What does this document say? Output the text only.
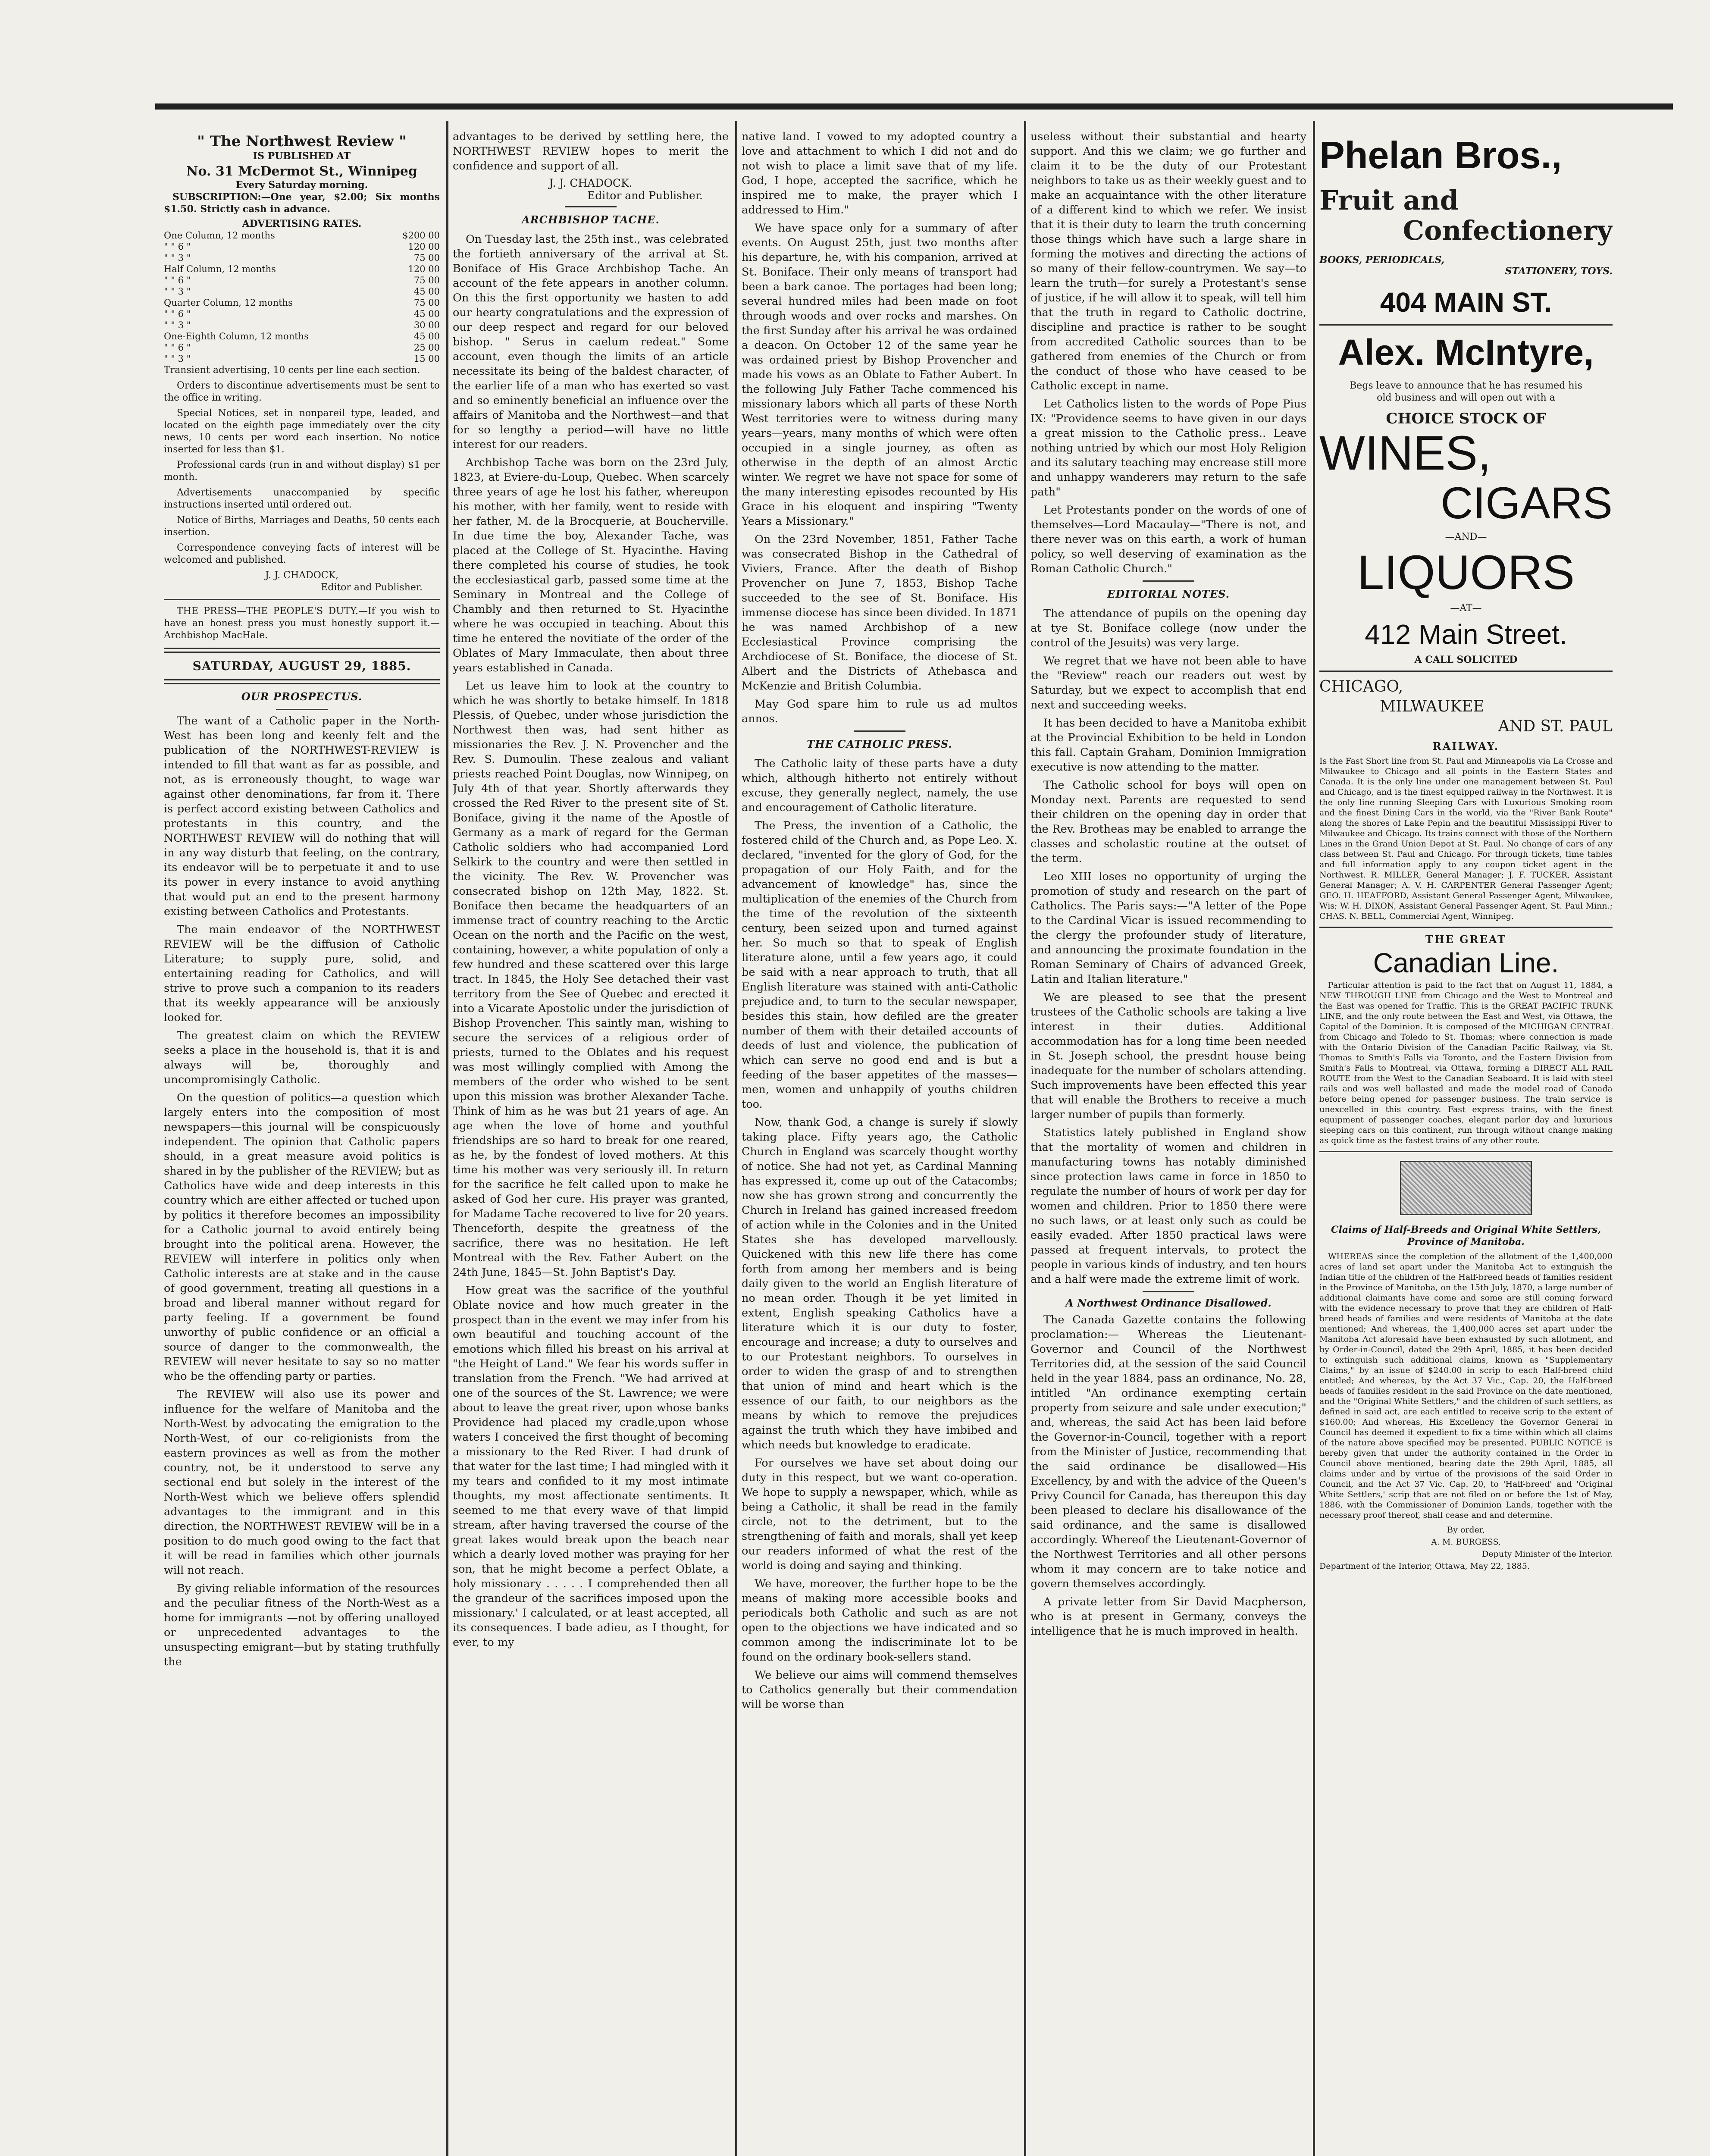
" The Northwest Review "
IS PUBLISHED AT
No. 31 McDermot St., Winnipeg
Every Saturday morning.
SUBSCRIPTION:—One year, $2.00; Six months $1.50. Strictly cash in advance.
ADVERTISING RATES.
One Column, 12 months	$200 00
" " 6 "	120 00
" " 3 "	75 00
Half Column, 12 months	120 00
" " 6 "	75 00
" " 3 "	45 00
Quarter Column, 12 months	75 00
" " 6 "	45 00
" " 3 "	30 00
One-Eighth Column, 12 months	45 00
" " 6 "	25 00
" " 3 "	15 00

Transient advertising, 10 cents per line each section.

Orders to discontinue advertisements must be sent to the office in writing.

Special Notices, set in nonpareil type, leaded, and located on the eighth page immediately over the city news, 10 cents per word each insertion. No notice inserted for less than $1.

Professional cards (run in and without display) $1 per month.

Advertisements unaccompanied by specific instructions inserted until ordered out.

Notice of Births, Marriages and Deaths, 50 cents each insertion.

Correspondence conveying facts of interest will be welcomed and published.

J. J. CHADOCK,
Editor and Publisher.

THE PRESS—THE PEOPLE'S DUTY.—If you wish to have an honest press you must honestly support it.—Archbishop MacHale.

SATURDAY, AUGUST 29, 1885.
OUR PROSPECTUS.

The want of a Catholic paper in the North-West has been long and keenly felt and the publication of the NORTHWEST-REVIEW is intended to fill that want as far as possible, and not, as is erroneously thought, to wage war against other denominations, far from it. There is perfect accord existing between Catholics and protestants in this country, and the NORTHWEST REVIEW will do nothing that will in any way disturb that feeling, on the contrary, its endeavor will be to perpetuate it and to use its power in every instance to avoid anything that would put an end to the present harmony existing between Catholics and Protestants.

The main endeavor of the NORTHWEST REVIEW will be the diffusion of Catholic Literature; to supply pure, solid, and entertaining reading for Catholics, and will strive to prove such a companion to its readers that its weekly appearance will be anxiously looked for.

The greatest claim on which the REVIEW seeks a place in the household is, that it is and always will be, thoroughly and uncompromisingly Catholic.

On the question of politics—a question which largely enters into the composition of most newspapers—this journal will be conspicuously independent. The opinion that Catholic papers should, in a great measure avoid politics is shared in by the publisher of the REVIEW; but as Catholics have wide and deep interests in this country which are either affected or tuched upon by politics it therefore becomes an impossibility for a Catholic journal to avoid entirely being brought into the political arena. However, the REVIEW will interfere in politics only when Catholic interests are at stake and in the cause of good government, treating all questions in a broad and liberal manner without regard for party feeling. If a government be found unworthy of public confidence or an official a source of danger to the commonwealth, the REVIEW will never hesitate to say so no matter who be the offending party or parties.

The REVIEW will also use its power and influence for the welfare of Manitoba and the North-West by advocating the emigration to the North-West, of our co-religionists from the eastern provinces as well as from the mother country, not, be it understood to serve any sectional end but solely in the interest of the North-West which we believe offers splendid advantages to the immigrant and in this direction, the NORTHWEST REVIEW will be in a position to do much good owing to the fact that it will be read in families which other journals will not reach.

By giving reliable information of the resources and the peculiar fitness of the North-West as a home for immigrants —not by offering unalloyed or unprecedented advantages to the unsuspecting emigrant—but by stating truthfully the

advantages to be derived by settling here, the NORTHWEST REVIEW hopes to merit the confidence and support of all.

J. J. CHADOCK.
Editor and Publisher.
ARCHBISHOP TACHE.

On Tuesday last, the 25th inst., was celebrated the fortieth anniversary of the arrival at St. Boniface of His Grace Archbishop Tache. An account of the fete appears in another column. On this the first opportunity we hasten to add our hearty congratulations and the expression of our deep respect and regard for our beloved bishop. " Serus in caelum redeat." Some account, even though the limits of an article necessitate its being of the baldest character, of the earlier life of a man who has exerted so vast and so eminently beneficial an influence over the affairs of Manitoba and the Northwest—and that for so lengthy a period—will have no little interest for our readers.

Archbishop Tache was born on the 23rd July, 1823, at Eviere-du-Loup, Quebec. When scarcely three years of age he lost his father, whereupon his mother, with her family, went to reside with her father, M. de la Brocquerie, at Boucherville. In due time the boy, Alexander Tache, was placed at the College of St. Hyacinthe. Having there completed his course of studies, he took the ecclesiastical garb, passed some time at the Seminary in Montreal and the College of Chambly and then returned to St. Hyacinthe where he was occupied in teaching. About this time he entered the novitiate of the order of the Oblates of Mary Immaculate, then about three years established in Canada.

Let us leave him to look at the country to which he was shortly to betake himself. In 1818 Plessis, of Quebec, under whose jurisdiction the Northwest then was, had sent hither as missionaries the Rev. J. N. Provencher and the Rev. S. Dumoulin. These zealous and valiant priests reached Point Douglas, now Winnipeg, on July 4th of that year. Shortly afterwards they crossed the Red River to the present site of St. Boniface, giving it the name of the Apostle of Germany as a mark of regard for the German Catholic soldiers who had accompanied Lord Selkirk to the country and were then settled in the vicinity. The Rev. W. Provencher was consecrated bishop on 12th May, 1822. St. Boniface then became the headquarters of an immense tract of country reaching to the Arctic Ocean on the north and the Pacific on the west, containing, however, a white population of only a few hundred and these scattered over this large tract. In 1845, the Holy See detached their vast territory from the See of Quebec and erected it into a Vicarate Apostolic under the jurisdiction of Bishop Provencher. This saintly man, wishing to secure the services of a religious order of priests, turned to the Oblates and his request was most willingly complied with Among the members of the order who wished to be sent upon this mission was brother Alexander Tache. Think of him as he was but 21 years of age. An age when the love of home and youthful friendships are so hard to break for one reared, as he, by the fondest of loved mothers. At this time his mother was very seriously ill. In return for the sacrifice he felt called upon to make he asked of God her cure. His prayer was granted, for Madame Tache recovered to live for 20 years. Thenceforth, despite the greatness of the sacrifice, there was no hesitation. He left Montreal with the Rev. Father Aubert on the 24th June, 1845—St. John Baptist's Day.

How great was the sacrifice of the youthful Oblate novice and how much greater in the prospect than in the event we may infer from his own beautiful and touching account of the emotions which filled his breast on his arrival at "the Height of Land." We fear his words suffer in translation from the French. "We had arrived at one of the sources of the St. Lawrence; we were about to leave the great river, upon whose banks Providence had placed my cradle,upon whose waters I conceived the first thought of becoming a missionary to the Red River. I had drunk of that water for the last time; I had mingled with it my tears and confided to it my most intimate thoughts, my most affectionate sentiments. It seemed to me that every wave of that limpid stream, after having traversed the course of the great lakes would break upon the beach near which a dearly loved mother was praying for her son, that he might become a perfect Oblate, a holy missionary . . . . . I comprehended then all the grandeur of the sacrifices imposed upon the missionary.' I calculated, or at least accepted, all its consequences. I bade adieu, as I thought, for ever, to my

native land. I vowed to my adopted country a love and attachment to which I did not and do not wish to place a limit save that of my life. God, I hope, accepted the sacrifice, which he inspired me to make, the prayer which I addressed to Him."

We have space only for a summary of after events. On August 25th, just two months after his departure, he, with his companion, arrived at St. Boniface. Their only means of transport had been a bark canoe. The portages had been long; several hundred miles had been made on foot through woods and over rocks and marshes. On the first Sunday after his arrival he was ordained a deacon. On October 12 of the same year he was ordained priest by Bishop Provencher and made his vows as an Oblate to Father Aubert. In the following July Father Tache commenced his missionary labors which all parts of these North West territories were to witness during many years—years, many months of which were often occupied in a single journey, as often as otherwise in the depth of an almost Arctic winter. We regret we have not space for some of the many interesting episodes recounted by His Grace in his eloquent and inspiring "Twenty Years a Missionary."

On the 23rd November, 1851, Father Tache was consecrated Bishop in the Cathedral of Viviers, France. After the death of Bishop Provencher on June 7, 1853, Bishop Tache succeeded to the see of St. Boniface. His immense diocese has since been divided. In 1871 he was named Archbishop of a new Ecclesiastical Province comprising the Archdiocese of St. Boniface, the diocese of St. Albert and the Districts of Athebasca and McKenzie and British Columbia.

May God spare him to rule us ad multos annos.

THE CATHOLIC PRESS.

The Catholic laity of these parts have a duty which, although hitherto not entirely without excuse, they generally neglect, namely, the use and encouragement of Catholic literature.

The Press, the invention of a Catholic, the fostered child of the Church and, as Pope Leo. X. declared, "invented for the glory of God, for the propagation of our Holy Faith, and for the advancement of knowledge" has, since the multiplication of the enemies of the Church from the time of the revolution of the sixteenth century, been seized upon and turned against her. So much so that to speak of English literature alone, until a few years ago, it could be said with a near approach to truth, that all English literature was stained with anti-Catholic prejudice and, to turn to the secular newspaper, besides this stain, how defiled are the greater number of them with their detailed accounts of deeds of lust and violence, the publication of which can serve no good end and is but a feeding of the baser appetites of the masses—men, women and unhappily of youths children too.

Now, thank God, a change is surely if slowly taking place. Fifty years ago, the Catholic Church in England was scarcely thought worthy of notice. She had not yet, as Cardinal Manning has expressed it, come up out of the Catacombs; now she has grown strong and concurrently the Church in Ireland has gained increased freedom of action while in the Colonies and in the United States she has developed marvellously. Quickened with this new life there has come forth from among her members and is being daily given to the world an English literature of no mean order. Though it be yet limited in extent, English speaking Catholics have a literature which it is our duty to foster, encourage and increase; a duty to ourselves and to our Protestant neighbors. To ourselves in order to widen the grasp of and to strengthen that union of mind and heart which is the essence of our faith, to our neighbors as the means by which to remove the prejudices against the truth which they have imbibed and which needs but knowledge to eradicate.

For ourselves we have set about doing our duty in this respect, but we want co-operation. We hope to supply a newspaper, which, while as being a Catholic, it shall be read in the family circle, not to the detriment, but to the strengthening of faith and morals, shall yet keep our readers informed of what the rest of the world is doing and saying and thinking.

We have, moreover, the further hope to be the means of making more accessible books and periodicals both Catholic and such as are not open to the objections we have indicated and so common among the indiscriminate lot to be found on the ordinary book-sellers stand.

We believe our aims will commend themselves to Catholics generally but their commendation will be worse than

useless without their substantial and hearty support. And this we claim; we go further and claim it to be the duty of our Protestant neighbors to take us as their weekly guest and to make an acquaintance with the other literature of a different kind to which we refer. We insist that it is their duty to learn the truth concerning those things which have such a large share in forming the motives and directing the actions of so many of their fellow-countrymen. We say—to learn the truth—for surely a Protestant's sense of justice, if he will allow it to speak, will tell him that the truth in regard to Catholic doctrine, discipline and practice is rather to be sought from accredited Catholic sources than to be gathered from enemies of the Church or from the conduct of those who have ceased to be Catholic except in name.

Let Catholics listen to the words of Pope Pius IX: "Providence seems to have given in our days a great mission to the Catholic press.. Leave nothing untried by which our most Holy Religion and its salutary teaching may encrease still more and unhappy wanderers may return to the safe path"

Let Protestants ponder on the words of one of themselves—Lord Macaulay—"There is not, and there never was on this earth, a work of human policy, so well deserving of examination as the Roman Catholic Church."

EDITORIAL NOTES.

The attendance of pupils on the opening day at tye St. Boniface college (now under the control of the Jesuits) was very large.

We regret that we have not been able to have the "Review" reach our readers out west by Saturday, but we expect to accomplish that end next and succeeding weeks.

It has been decided to have a Manitoba exhibit at the Provincial Exhibition to be held in London this fall. Captain Graham, Dominion Immigration executive is now attending to the matter.

The Catholic school for boys will open on Monday next. Parents are requested to send their children on the opening day in order that the Rev. Brotheas may be enabled to arrange the classes and scholastic routine at the outset of the term.

Leo XIII loses no opportunity of urging the promotion of study and research on the part of Catholics. The Paris says:—"A letter of the Pope to the Cardinal Vicar is issued recommending to the clergy the profounder study of literature, and announcing the proximate foundation in the Roman Seminary of Chairs of advanced Greek, Latin and Italian literature."

We are pleased to see that the present trustees of the Catholic schools are taking a live interest in their duties. Additional accommodation has for a long time been needed in St. Joseph school, the presdnt house being inadequate for the number of scholars attending. Such improvements have been effected this year that will enable the Brothers to receive a much larger number of pupils than formerly.

Statistics lately published in England show that the mortality of women and children in manufacturing towns has notably diminished since protection laws came in force in 1850 to regulate the number of hours of work per day for women and children. Prior to 1850 there were no such laws, or at least only such as could be easily evaded. After 1850 practical laws were passed at frequent intervals, to protect the people in various kinds of industry, and ten hours and a half were made the extreme limit of work.

A Northwest Ordinance Disallowed.

The Canada Gazette contains the following proclamation:— Whereas the Lieutenant-Governor and Council of the Northwest Territories did, at the session of the said Council held in the year 1884, pass an ordinance, No. 28, intitled "An ordinance exempting certain property from seizure and sale under execution;" and, whereas, the said Act has been laid before the Governor-in-Council, together with a report from the Minister of Justice, recommending that the said ordinance be disallowed—His Excellency, by and with the advice of the Queen's Privy Council for Canada, has thereupon this day been pleased to declare his disallowance of the said ordinance, and the same is disallowed accordingly. Whereof the Lieutenant-Governor of the Northwest Territories and all other persons whom it may concern are to take notice and govern themselves accordingly.

A private letter from Sir David Macpherson, who is at present in Germany, conveys the intelligence that he is much improved in health.

Phelan Bros.,
Fruit and
Confectionery
BOOKS, PERIODICALS,
STATIONERY, TOYS.
404 MAIN ST.
Alex. McIntyre,
Begs leave to announce that he has resumed his old business and will open out with a
CHOICE STOCK OF
WINES,
CIGARS
—AND—
LIQUORS
—AT—
412 Main Street.
A CALL SOLICITED
CHICAGO,
MILWAUKEE
AND ST. PAUL
RAILWAY.

Is the Fast Short line from St. Paul and Minneapolis via La Crosse and Milwaukee to Chicago and all points in the Eastern States and Canada. It is the only line under one management between St. Paul and Chicago, and is the finest equipped railway in the Northwest. It is the only line running Sleeping Cars with Luxurious Smoking room and the finest Dining Cars in the world, via the "River Bank Route" along the shores of Lake Pepin and the beautiful Mississippi River to Milwaukee and Chicago. Its trains connect with those of the Northern Lines in the Grand Union Depot at St. Paul. No change of cars of any class between St. Paul and Chicago. For through tickets, time tables and full information apply to any coupon ticket agent in the Northwest. R. MILLER, General Manager; J. F. TUCKER, Assistant General Manager; A. V. H. CARPENTER General Passenger Agent; GEO. H. HEAFFORD, Assistant General Passenger Agent, Milwaukee, Wis; W. H. DIXON, Assistant General Passenger Agent, St. Paul Minn.; CHAS. N. BELL, Commercial Agent, Winnipeg.

THE GREAT
Canadian Line.

Particular attention is paid to the fact that on August 11, 1884, a NEW THROUGH LINE from Chicago and the West to Montreal and the East was opened for Traffic. This is the GREAT PACIFIC TRUNK LINE, and the only route between the East and West, via Ottawa, the Capital of the Dominion. It is composed of the MICHIGAN CENTRAL from Chicago and Toledo to St. Thomas; where connection is made with the Ontario Division of the Canadian Pacific Railway, via St. Thomas to Smith's Falls via Toronto, and the Eastern Division from Smith's Falls to Montreal, via Ottawa, forming a DIRECT ALL RAIL ROUTE from the West to the Canadian Seaboard. It is laid with steel rails and was well ballasted and made the model road of Canada before being opened for passenger business. The train service is unexcelled in this country. Fast express trains, with the finest equipment of passenger coaches, elegant parlor day and luxurious sleeping cars on this continent, run through without change making as quick time as the fastest trains of any other route.

Claims of Half-Breeds and Original White Settlers, Province of Manitoba.

WHEREAS since the completion of the allotment of the 1,400,000 acres of land set apart under the Manitoba Act to extinguish the Indian title of the children of the Half-breed heads of families resident in the Province of Manitoba, on the 15th July, 1870, a large number of additional claimants have come and some are still coming forward with the evidence necessary to prove that they are children of Half-breed heads of families and were residents of Manitoba at the date mentioned; And whereas, the 1,400,000 acres set apart under the Manitoba Act aforesaid have been exhausted by such allotment, and by Order-in-Council, dated the 29th April, 1885, it has been decided to extinguish such additional claims, known as "Supplementary Claims," by an issue of $240.00 in scrip to each Half-breed child entitled; And whereas, by the Act 37 Vic., Cap. 20, the Half-breed heads of families resident in the said Province on the date mentioned, and the "Original White Settlers," and the children of such settlers, as defined in said act, are each entitled to receive scrip to the extent of $160.00; And whereas, His Excellency the Governor General in Council has deemed it expedient to fix a time within which all claims of the nature above specified may be presented. PUBLIC NOTICE is hereby given that under the authority contained in the Order in Council above mentioned, bearing date the 29th April, 1885, all claims under and by virtue of the provisions of the said Order in Council, and the Act 37 Vic. Cap. 20, to 'Half-breed' and 'Original White Settlers,' scrip that are not filed on or before the 1st of May, 1886, with the Commissioner of Dominion Lands, together with the necessary proof thereof, shall cease and and determine.

By order,
A. M. BURGESS,
Deputy Minister of the Interior.
Department of the Interior, Ottawa, May 22, 1885.
